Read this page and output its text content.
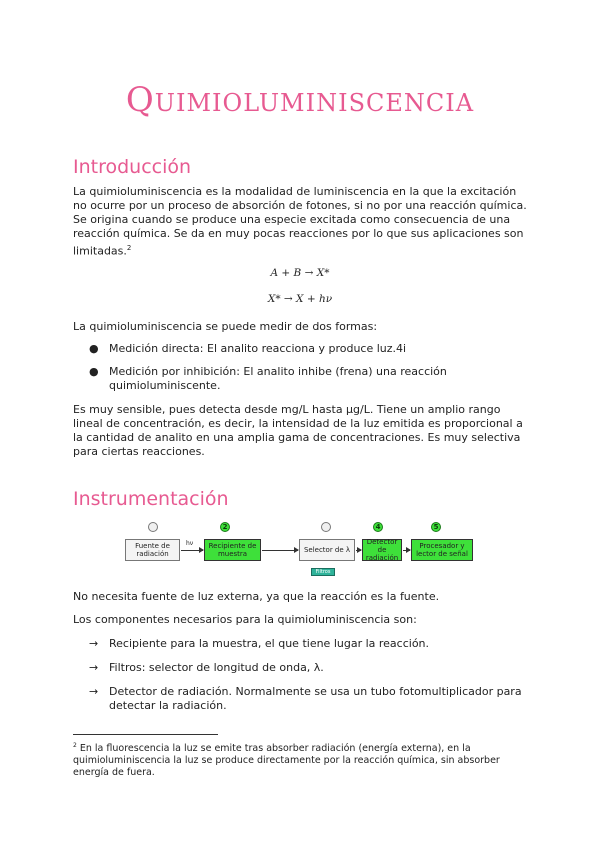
Quimioluminiscencia
Introducción

La quimioluminiscencia es la modalidad de luminiscencia en la que la excitación no ocurre por un proceso de absorción de fotones, si no por una reacción química. Se origina cuando se produce una especie excitada como consecuencia de una reacción química. Se da en muy pocas reacciones por lo que sus aplicaciones son limitadas.$^2$

A + B → X*
X* → X + hν

La quimioluminiscencia se puede medir de dos formas:

● Medición directa: El analito reacciona y produce luz.4i
● Medición por inhibición: El analito inhibe (frena) una reacción quimioluminiscente.

Es muy sensible, pues detecta desde mg/L hasta µg/L. Tiene un amplio rango lineal de concentración, es decir, la intensidad de la luz emitida es proporcional a la cantidad de analito en una amplia gama de concentraciones. Es muy selectiva para ciertas reacciones.

Instrumentación
2	4	5
Fuente de radiación
hν	Recipiente de muestra	Selector de λ
Detector de radiación
Procesador y lector de señal
Filtros

No necesita fuente de luz externa, ya que la reacción es la fuente.

Los componentes necesarios para la quimioluminiscencia son:

→ Recipiente para la muestra, el que tiene lugar la reacción.
→ Filtros: selector de longitud de onda, λ.
→ Detector de radiación. Normalmente se usa un tubo fotomultiplicador para detectar la radiación.

$^2$ En la fluorescencia la luz se emite tras absorber radiación (energía externa), en la quimioluminiscencia la luz se produce directamente por la reacción química, sin absorber energía de fuera.
